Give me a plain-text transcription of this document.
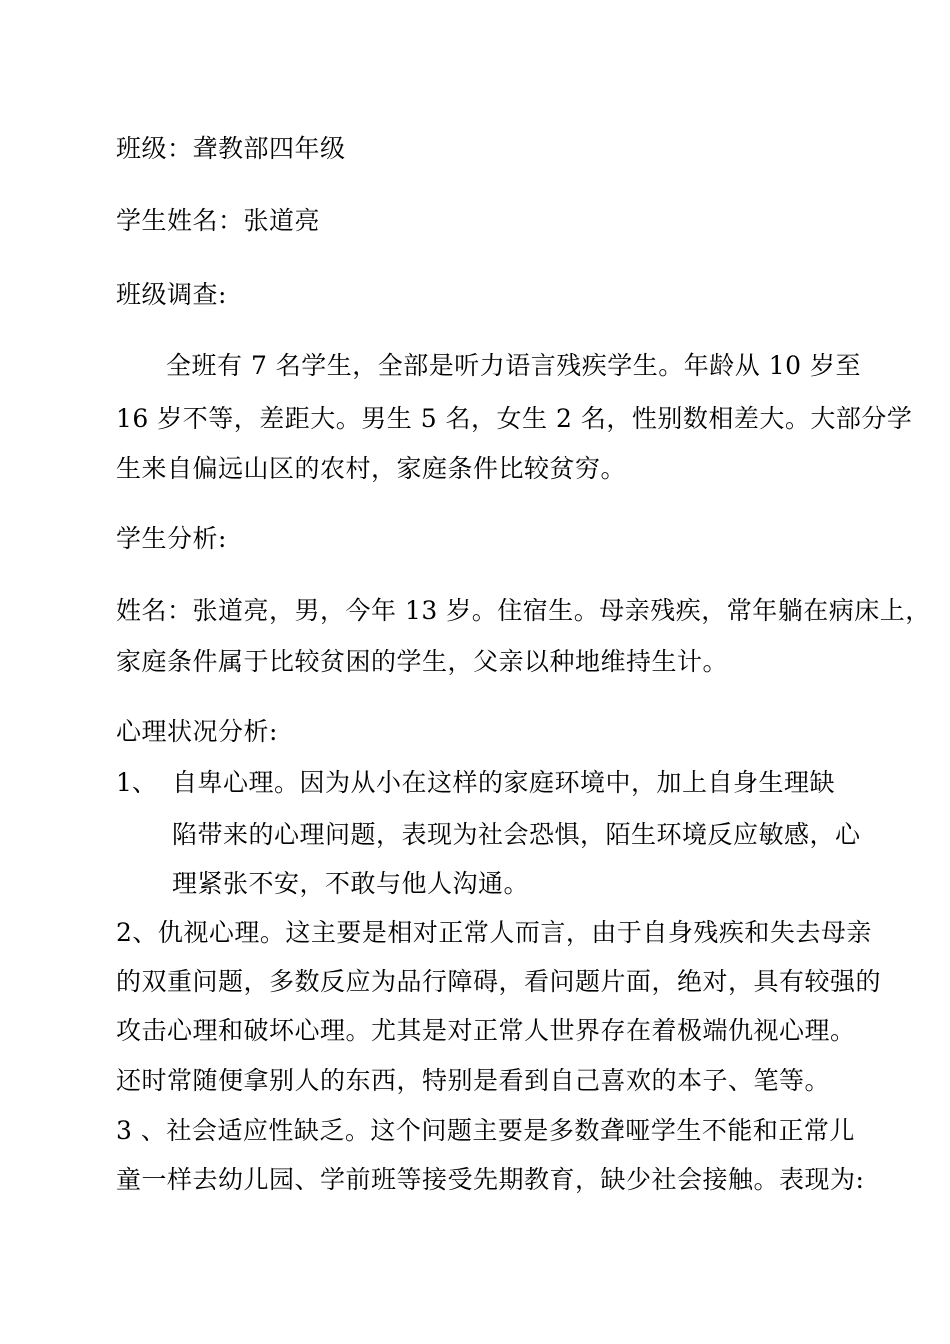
班级：聋教部四年级
学生姓名：张道亮
班级调查:
全班有 7 名学生，全部是听力语言残疾学生。年龄从 10 岁至
16 岁不等，差距大。男生 5 名，女生 2 名，性别数相差大。大部分学
生来自偏远山区的农村，家庭条件比较贫穷。
学生分析:
姓名：张道亮，男，今年 13 岁。住宿生。母亲残疾，常年躺在病床上，
家庭条件属于比较贫困的学生，父亲以种地维持生计。
心理状况分析:
1、 自卑心理。因为从小在这样的家庭环境中，加上自身生理缺
陷带来的心理问题，表现为社会恐惧，陌生环境反应敏感，心
理紧张不安，不敢与他人沟通。
2、仇视心理。这主要是相对正常人而言，由于自身残疾和失去母亲
的双重问题，多数反应为品行障碍，看问题片面，绝对，具有较强的
攻击心理和破坏心理。尤其是对正常人世界存在着极端仇视心理。
还时常随便拿别人的东西，特别是看到自己喜欢的本子、笔等。
3 、社会适应性缺乏。这个问题主要是多数聋哑学生不能和正常儿
童一样去幼儿园、学前班等接受先期教育，缺少社会接触。表现为:
